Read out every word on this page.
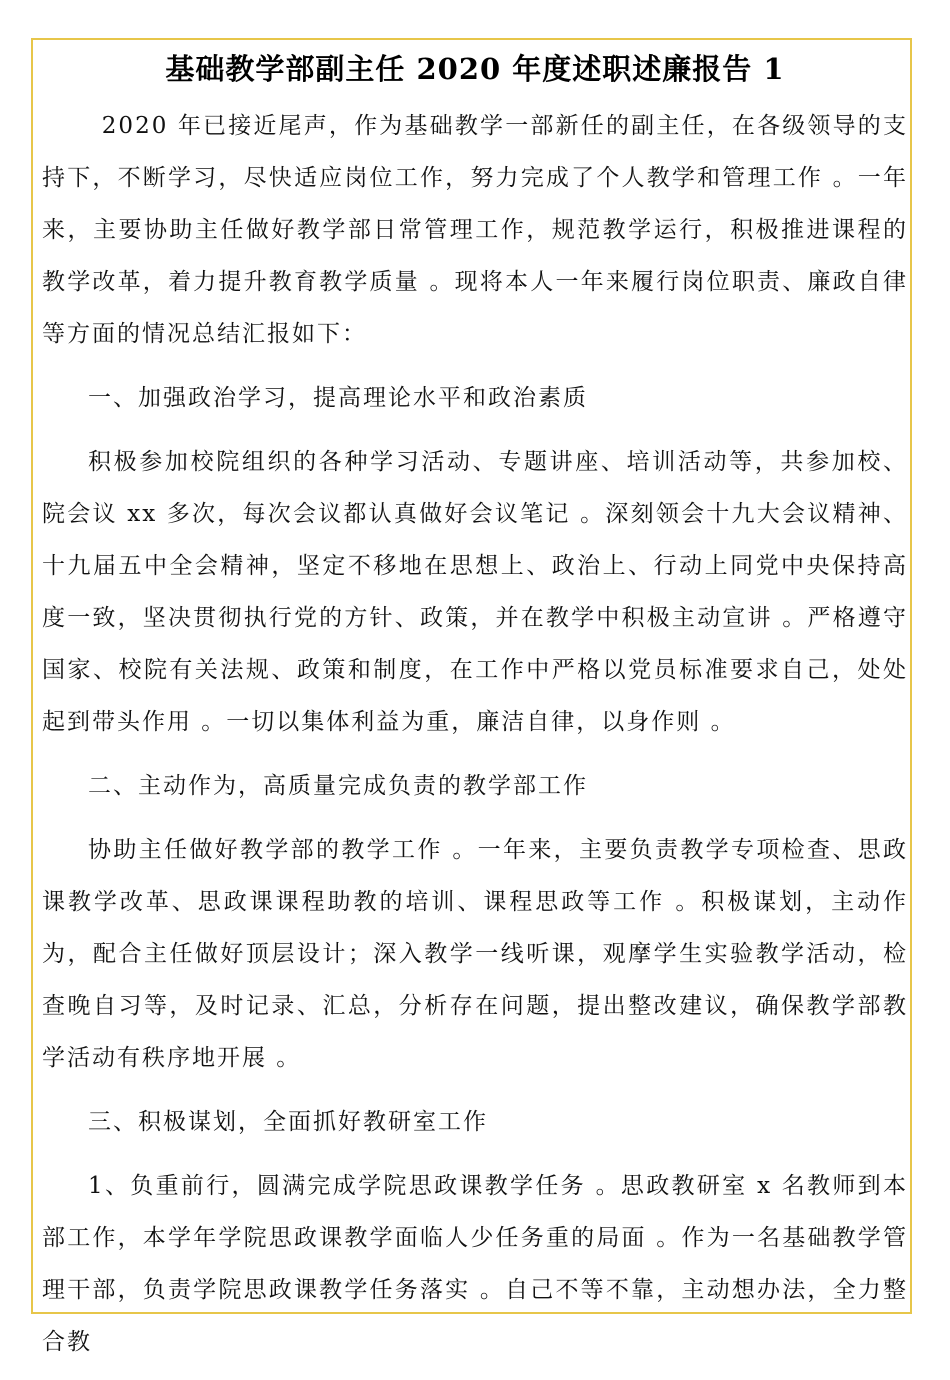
基础教学部副主任 2020 年度述职述廉报告 1

2020 年已接近尾声，作为基础教学一部新任的副主任，在各级领导的支持下，不断学习，尽快适应岗位工作，努力完成了个人教学和管理工作 。一年来，主要协助主任做好教学部日常管理工作，规范教学运行，积极推进课程的教学改革，着力提升教育教学质量 。现将本人一年来履行岗位职责、廉政自律等方面的情况总结汇报如下：

一、加强政治学习，提高理论水平和政治素质

积极参加校院组织的各种学习活动、专题讲座、培训活动等，共参加校、院会议 xx 多次，每次会议都认真做好会议笔记 。深刻领会十九大会议精神、十九届五中全会精神，坚定不移地在思想上、政治上、行动上同党中央保持高度一致，坚决贯彻执行党的方针、政策，并在教学中积极主动宣讲 。严格遵守国家、校院有关法规、政策和制度，在工作中严格以党员标准要求自己，处处起到带头作用 。一切以集体利益为重，廉洁自律，以身作则 。

二、主动作为，高质量完成负责的教学部工作

协助主任做好教学部的教学工作 。一年来，主要负责教学专项检查、思政课教学改革、思政课课程助教的培训、课程思政等工作 。积极谋划，主动作为，配合主任做好顶层设计；深入教学一线听课，观摩学生实验教学活动，检查晚自习等，及时记录、汇总，分析存在问题，提出整改建议，确保教学部教学活动有秩序地开展 。

三、积极谋划，全面抓好教研室工作

1、负重前行，圆满完成学院思政课教学任务 。思政教研室 x 名教师到本部工作，本学年学院思政课教学面临人少任务重的局面 。作为一名基础教学管理干部，负责学院思政课教学任务落实 。自己不等不靠，主动想办法，全力整合教
